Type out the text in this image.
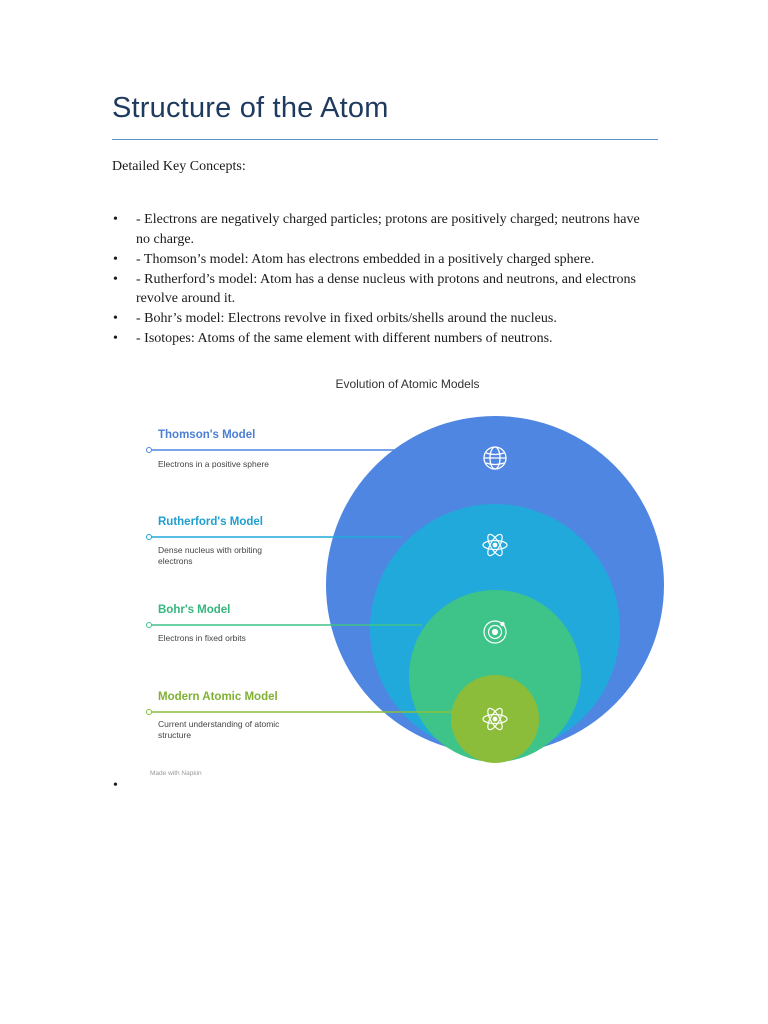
Structure of the Atom
Detailed Key Concepts:
• - Electrons are negatively charged particles; protons are positively charged; neutrons have no charge.
• - Thomson’s model: Atom has electrons embedded in a positively charged sphere.
• - Rutherford’s model: Atom has a dense nucleus with protons and neutrons, and electrons revolve around it.
• - Bohr’s model: Electrons revolve in fixed orbits/shells around the nucleus.
• - Isotopes: Atoms of the same element with different numbers of neutrons.
Evolution of Atomic Models
Thomson's Model
Electrons in a positive sphere
Rutherford's Model
Dense nucleus with orbiting electrons
Bohr's Model
Electrons in fixed orbits
Modern Atomic Model
Current understanding of atomic structure
Made with Napkin
•
